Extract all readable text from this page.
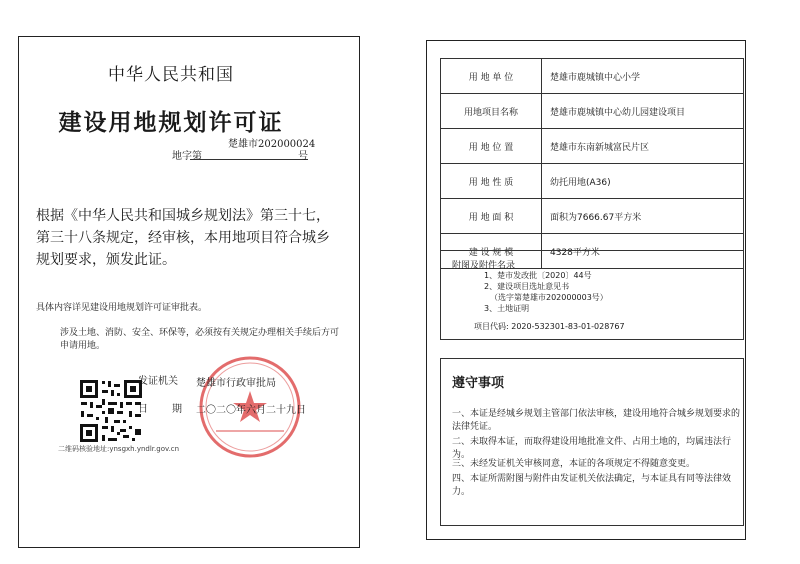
中华人民共和国
建设用地规划许可证
楚雄市202000024
地字第	号
根据《中华人民共和国城乡规划法》第三十七，第三十八条规定，经审核，本用地项目符合城乡规划要求，颁发此证。
具体内容详见建设用地规划许可证审批表。
涉及土地、消防、安全、环保等，必须按有关规定办理相关手续后方可申请用地。
二维码核验地址:ynsgxh.yndlr.gov.cn
发证机关 楚雄市行政审批局
日 期 二〇二〇年六月二十九日
用 地 单 位	楚雄市鹿城镇中心小学
用地项目名称	楚雄市鹿城镇中心幼儿园建设项目
用 地 位 置	楚雄市东南新城富民片区
用 地 性 质	幼托用地(A36)
用 地 面 积	面积为7666.67平方米
建 设 规 模	4328平方米
附图及附件名录
1、楚市发改批〔2020〕44号
2、建设项目选址意见书
（选字第楚雄市202000003号）
3、土地证明
项目代码: 2020-532301-83-01-028767
遵守事项
一、本证是经城乡规划主管部门依法审核，建设用地符合城乡规划要求的法律凭证。
二、未取得本证，而取得建设用地批准文件、占用土地的，均属违法行为。
三、未经发证机关审核同意，本证的各项规定不得随意变更。
四、本证所需附图与附件由发证机关依法确定，与本证具有同等法律效力。
